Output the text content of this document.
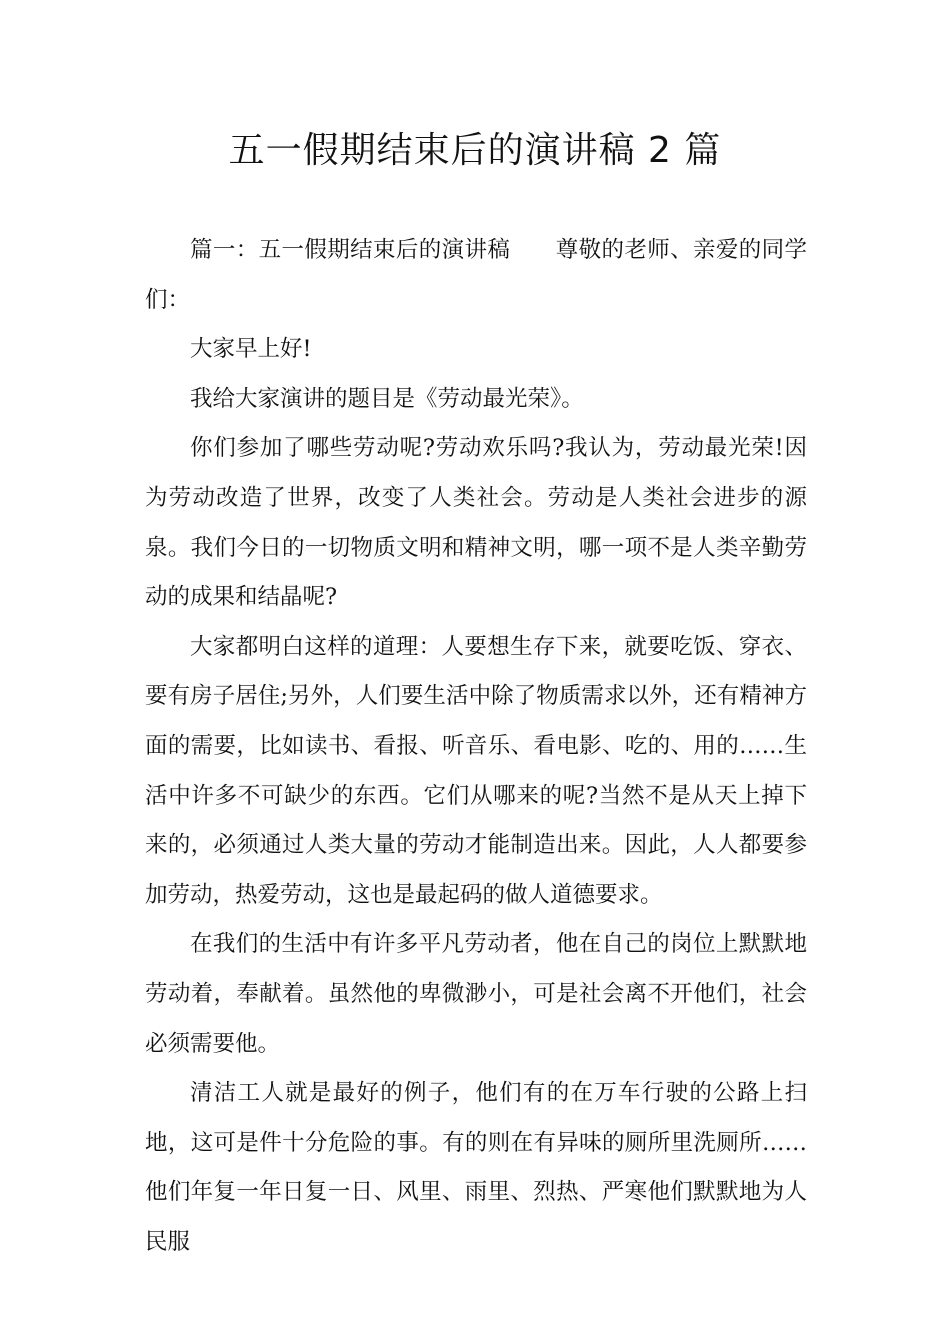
五一假期结束后的演讲稿 2 篇

篇一：五一假期结束后的演讲稿 尊敬的老师、亲爱的同学们：

大家早上好!

我给大家演讲的题目是《劳动最光荣》。

你们参加了哪些劳动呢?劳动欢乐吗?我认为，劳动最光荣!因为劳动改造了世界，改变了人类社会。劳动是人类社会进步的源泉。我们今日的一切物质文明和精神文明，哪一项不是人类辛勤劳动的成果和结晶呢?

大家都明白这样的道理：人要想生存下来，就要吃饭、穿衣、要有房子居住;另外，人们要生活中除了物质需求以外，还有精神方面的需要，比如读书、看报、听音乐、看电影、吃的、用的……生活中许多不可缺少的东西。它们从哪来的呢?当然不是从天上掉下来的，必须通过人类大量的劳动才能制造出来。因此，人人都要参加劳动，热爱劳动，这也是最起码的做人道德要求。

在我们的生活中有许多平凡劳动者，他在自己的岗位上默默地劳动着，奉献着。虽然他的卑微渺小，可是社会离不开他们，社会必须需要他。

清洁工人就是最好的例子，他们有的在万车行驶的公路上扫地，这可是件十分危险的事。有的则在有异味的厕所里洗厕所……他们年复一年日复一日、风里、雨里、烈热、严寒他们默默地为人民服
